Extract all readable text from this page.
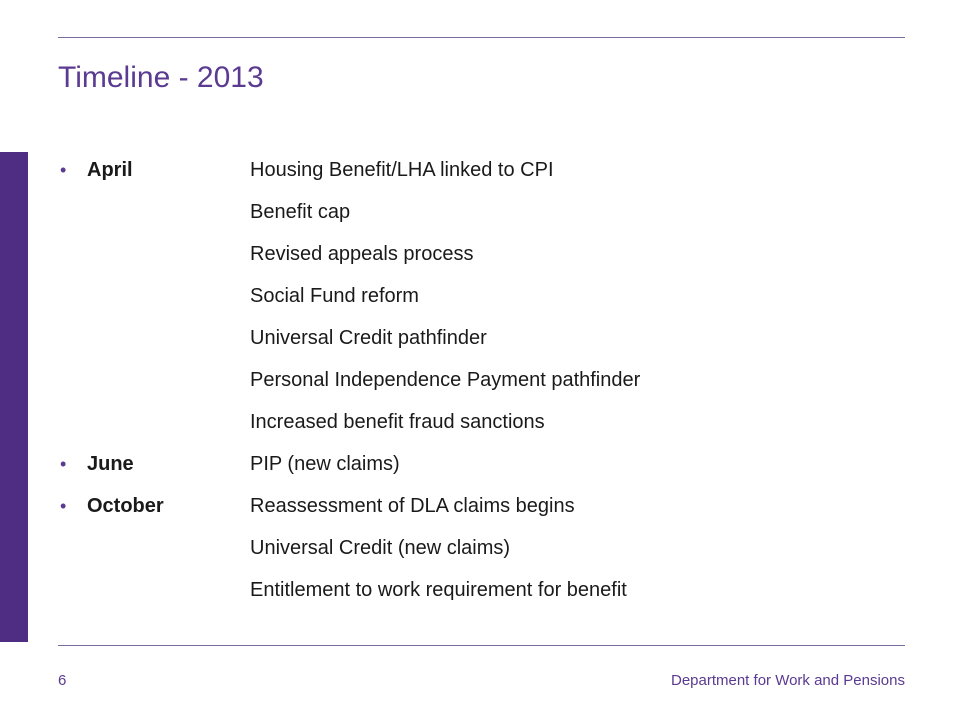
Timeline - 2013
• April	Housing Benefit/LHA linked to CPI
Benefit cap
Revised appeals process
Social Fund reform
Universal Credit pathfinder
Personal Independence Payment pathfinder
Increased benefit fraud sanctions
• June	PIP (new claims)
• October	Reassessment of DLA claims begins
Universal Credit (new claims)
Entitlement to work requirement for benefit
6	Department for Work and Pensions
